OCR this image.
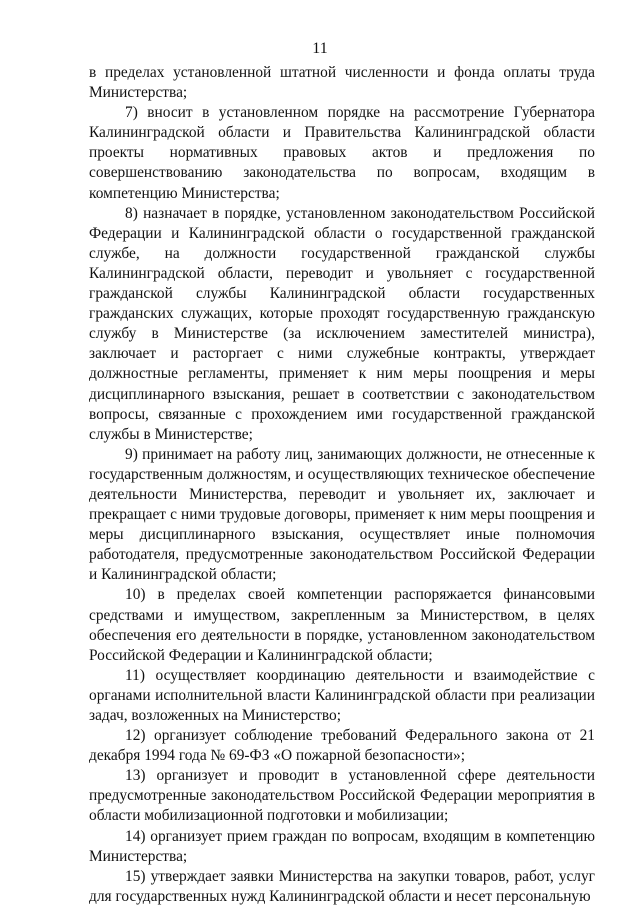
11

в пределах установленной штатной численности и фонда оплаты труда Министерства;

7) вносит в установленном порядке на рассмотрение Губернатора Калининградской области и Правительства Калининградской области проекты нормативных правовых актов и предложения по совершенствованию законодательства по вопросам, входящим в компетенцию Министерства;

8) назначает в порядке, установленном законодательством Российской Федерации и Калининградской области о государственной гражданской службе, на должности государственной гражданской службы Калининградской области, переводит и увольняет с государственной гражданской службы Калининградской области государственных гражданских служащих, которые проходят государственную гражданскую службу в Министерстве (за исключением заместителей министра), заключает и расторгает с ними служебные контракты, утверждает должностные регламенты, применяет к ним меры поощрения и меры дисциплинарного взыскания, решает в соответствии с законодательством вопросы, связанные с прохождением ими государственной гражданской службы в Министерстве;

9) принимает на работу лиц, занимающих должности, не отнесенные к государственным должностям, и осуществляющих техническое обеспечение деятельности Министерства, переводит и увольняет их, заключает и прекращает с ними трудовые договоры, применяет к ним меры поощрения и меры дисциплинарного взыскания, осуществляет иные полномочия работодателя, предусмотренные законодательством Российской Федерации и Калининградской области;

10) в пределах своей компетенции распоряжается финансовыми средствами и имуществом, закрепленным за Министерством, в целях обеспечения его деятельности в порядке, установленном законодательством Российской Федерации и Калининградской области;

11) осуществляет координацию деятельности и взаимодействие с органами исполнительной власти Калининградской области при реализации задач, возложенных на Министерство;

12) организует соблюдение требований Федерального закона от 21 декабря 1994 года № 69-ФЗ «О пожарной безопасности»;

13) организует и проводит в установленной сфере деятельности предусмотренные законодательством Российской Федерации мероприятия в области мобилизационной подготовки и мобилизации;

14) организует прием граждан по вопросам, входящим в компетенцию Министерства;

15) утверждает заявки Министерства на закупки товаров, работ, услуг для государственных нужд Калининградской области и несет персональную
